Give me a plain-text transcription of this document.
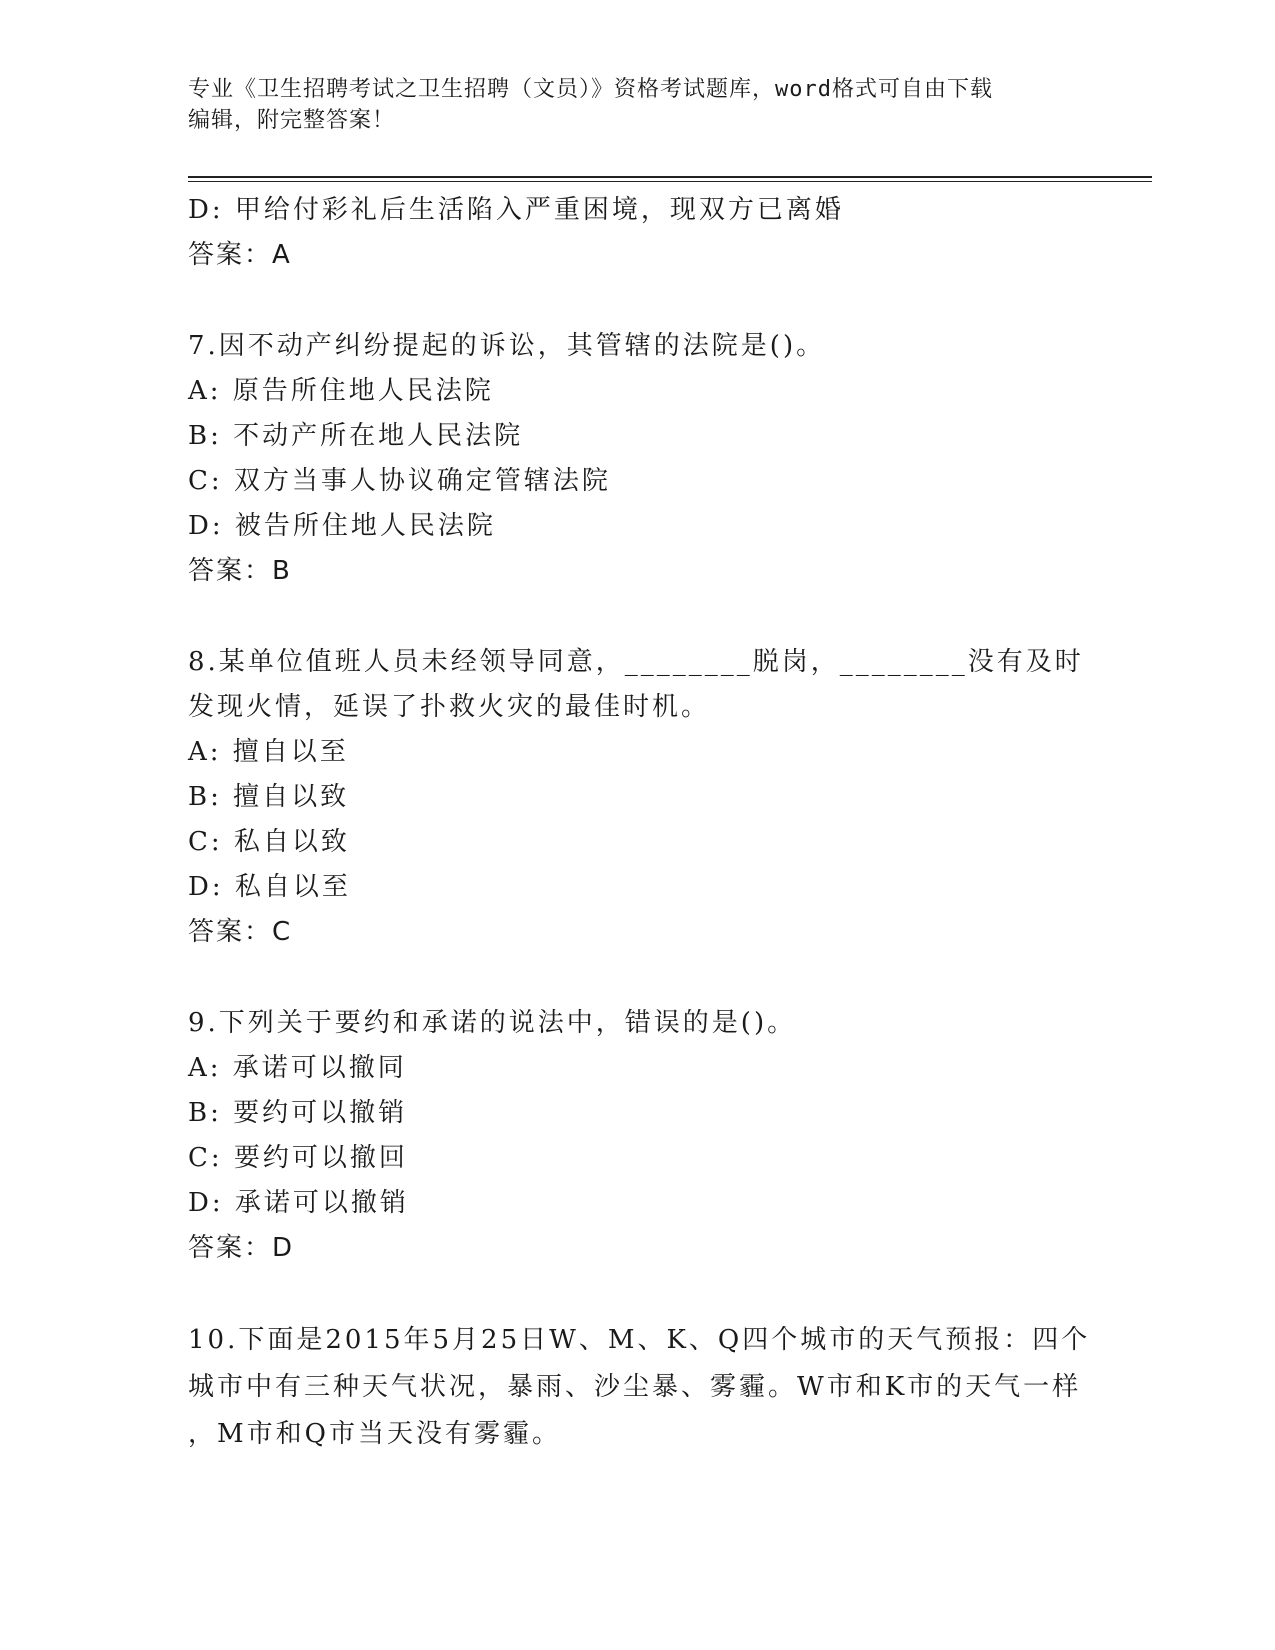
专业《卫生招聘考试之卫生招聘（文员）》资格考试题库，word格式可自由下载
编辑，附完整答案！
D: 甲给付彩礼后生活陷入严重困境，现双方已离婚
答案：A
7.因不动产纠纷提起的诉讼，其管辖的法院是()。
A: 原告所住地人民法院
B: 不动产所在地人民法院
C: 双方当事人协议确定管辖法院
D: 被告所住地人民法院
答案：B
8.某单位值班人员未经领导同意，________脱岗，________没有及时
发现火情，延误了扑救火灾的最佳时机。
A: 擅自以至
B: 擅自以致
C: 私自以致
D: 私自以至
答案：C
9.下列关于要约和承诺的说法中，错误的是()。
A: 承诺可以撤同
B: 要约可以撤销
C: 要约可以撤回
D: 承诺可以撤销
答案：D
10.下面是2015年5月25日W、M、K、Q四个城市的天气预报：四个
城市中有三种天气状况，暴雨、沙尘暴、雾霾。W市和K市的天气一样
，M市和Q市当天没有雾霾。
